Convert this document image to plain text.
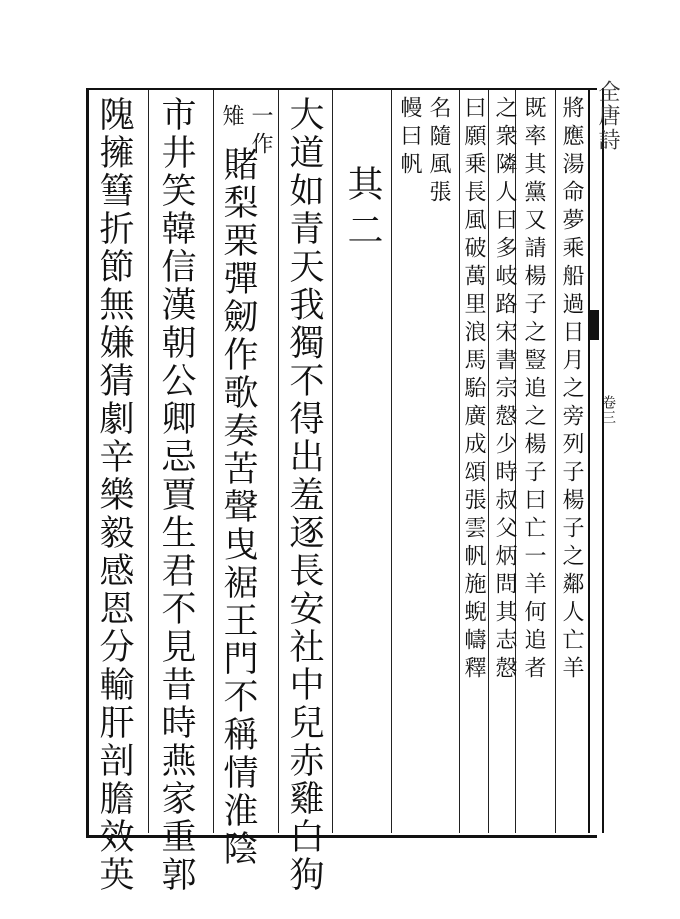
全唐詩
卷三
將應湯命夢乘船過日月之旁列子楊子之鄰人亡羊
既率其黨又請楊子之豎追之楊子曰亡一羊何追者
之衆隣人曰多岐路宋書宗慤少時叔父炳問其志慤
曰願乗長風破萬里浪馬駘廣成頌張雲帆施蜺幬釋
名隨風張
幔曰帆
其二
大道如青天我獨不得出羞逐長安社中兒赤雞白狗
一作
雉
賭梨栗彈劒作歌奏苦聲曳裾王門不稱情淮陰
市井笑韓信漢朝公卿忌賈生君不見昔時燕家重郭
隗擁篲折節無嫌猜劇辛樂毅感恩分輸肝剖膽效英
